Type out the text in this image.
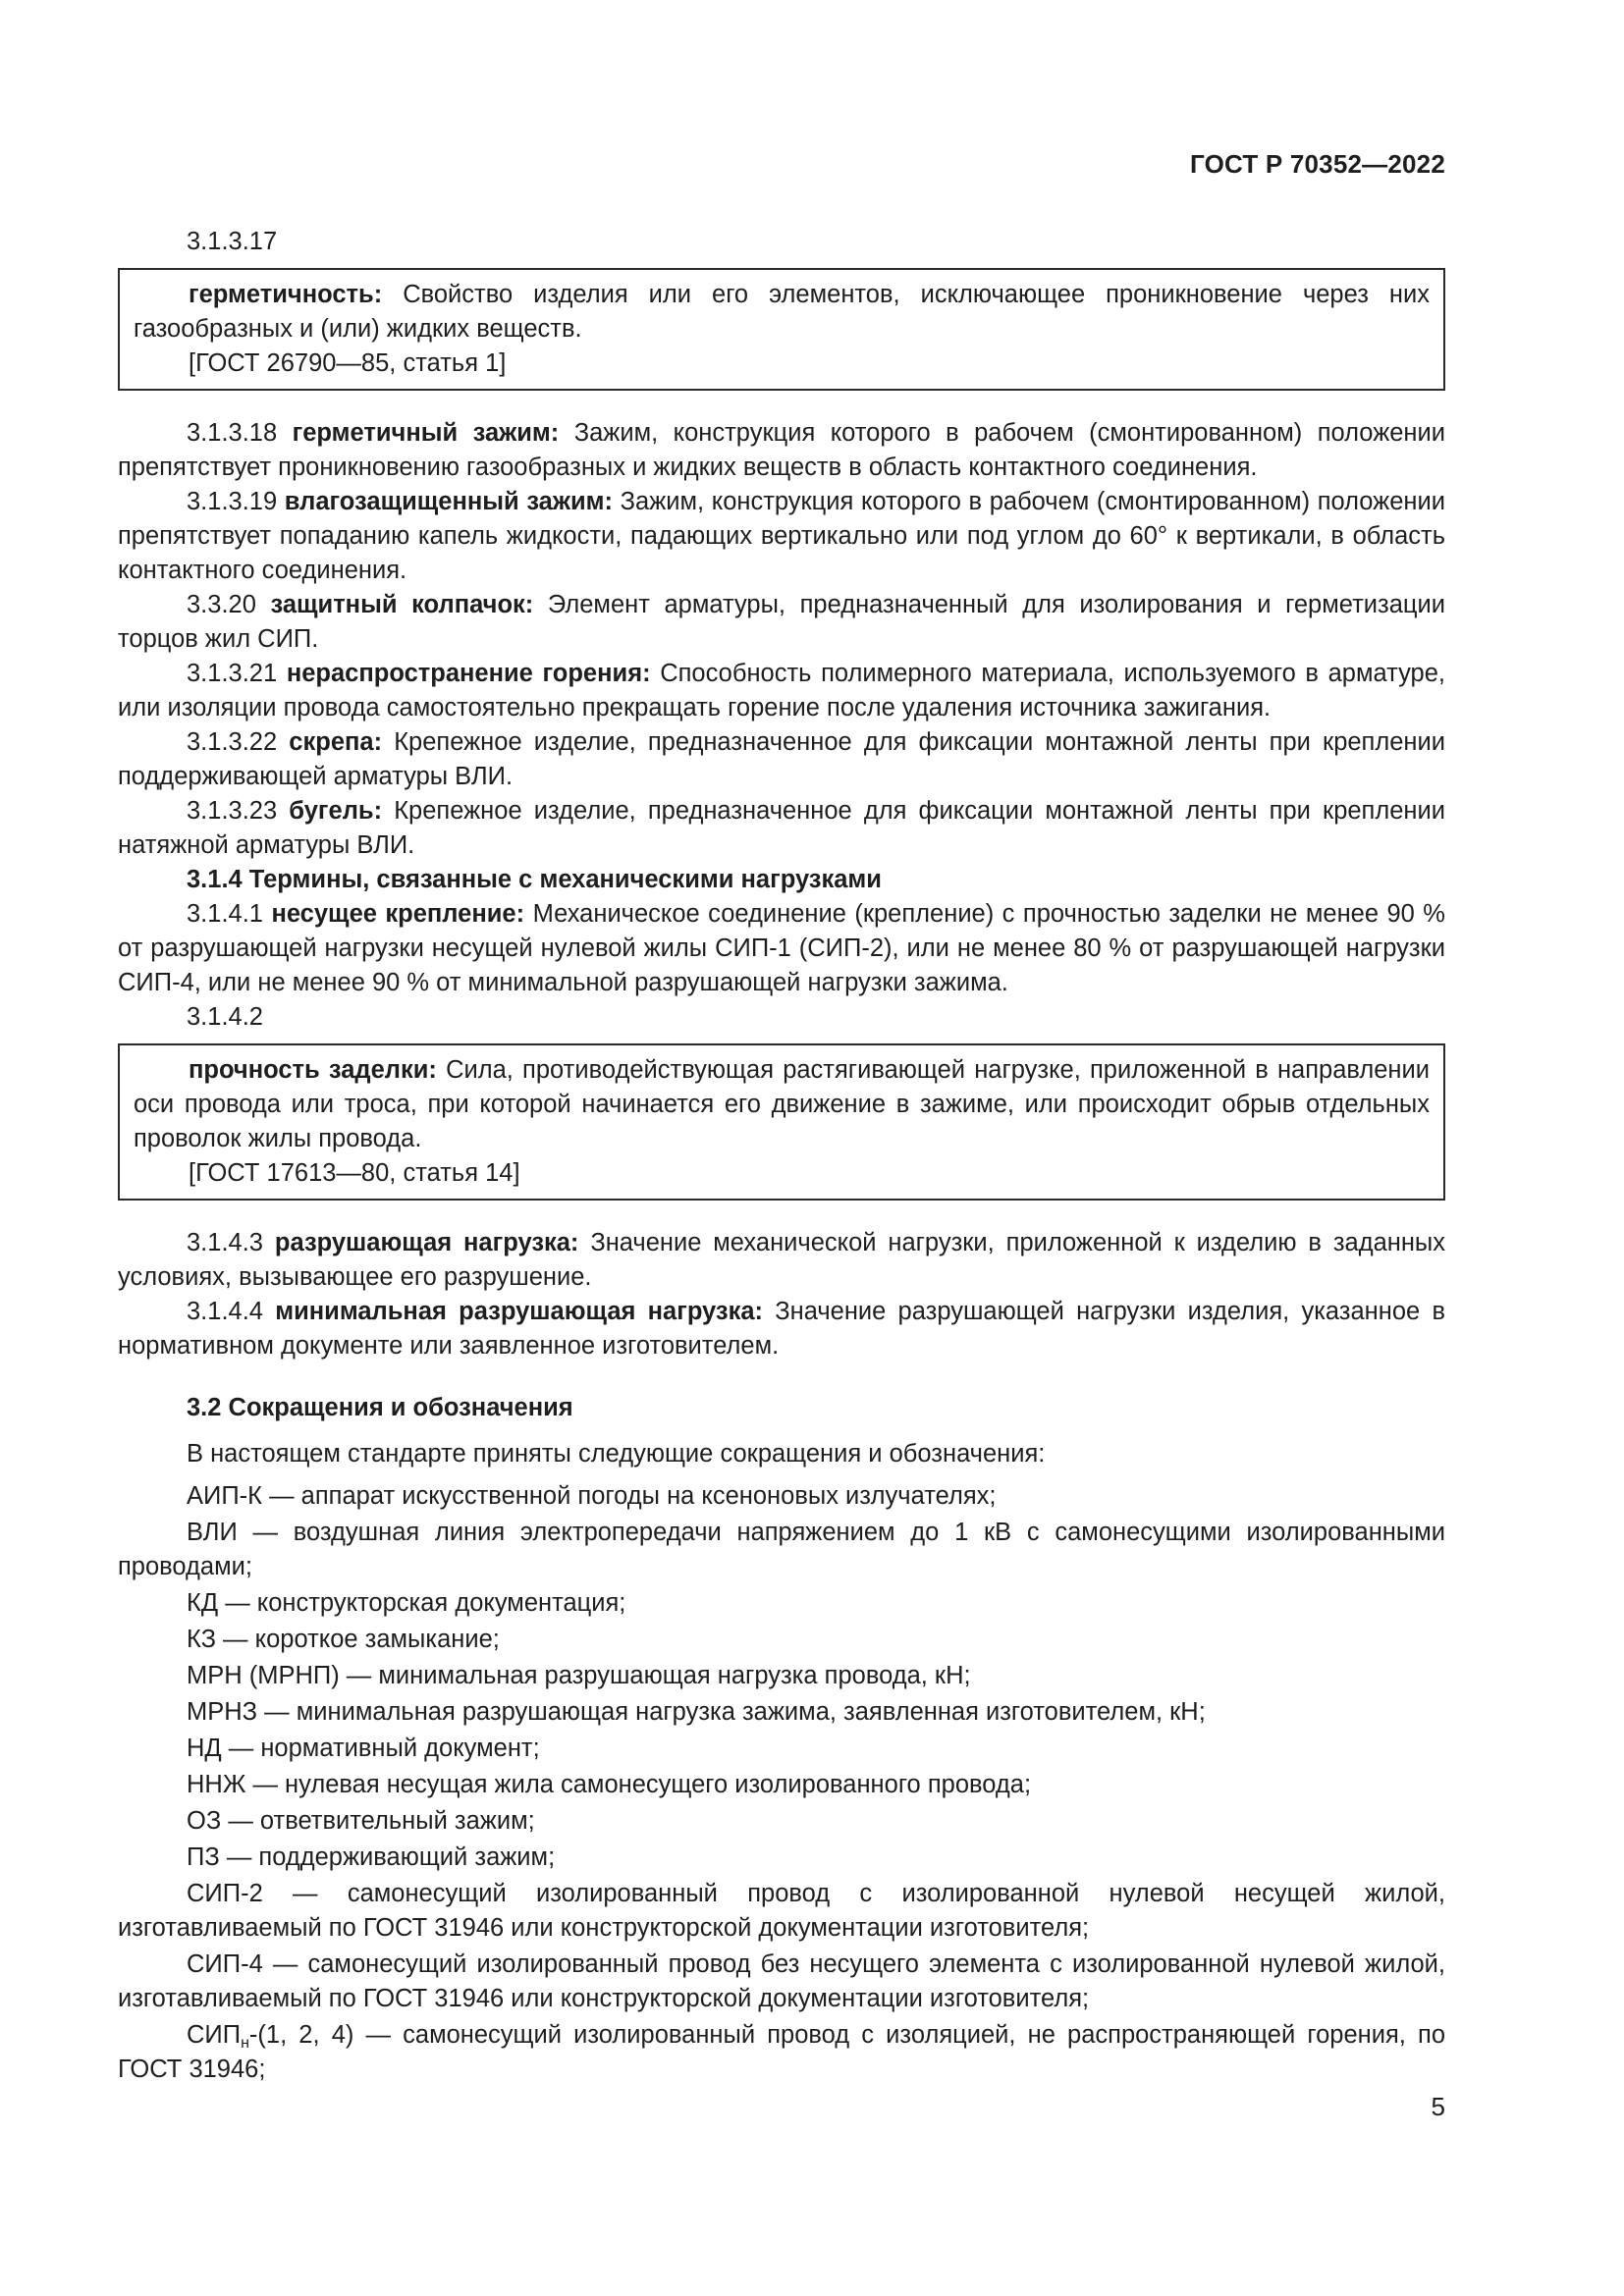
ГОСТ Р 70352—2022

3.1.3.17

герметичность: Свойство изделия или его элементов, исключающее проникновение через них газообразных и (или) жидких веществ.

[ГОСТ 26790—85, статья 1]

3.1.3.18 герметичный зажим: Зажим, конструкция которого в рабочем (смонтированном) положении препятствует проникновению газообразных и жидких веществ в область контактного соединения.

3.1.3.19 влагозащищенный зажим: Зажим, конструкция которого в рабочем (смонтированном) положении препятствует попаданию капель жидкости, падающих вертикально или под углом до 60° к вертикали, в область контактного соединения.

3.3.20 защитный колпачок: Элемент арматуры, предназначенный для изолирования и герметизации торцов жил СИП.

3.1.3.21 нераспространение горения: Способность полимерного материала, используемого в арматуре, или изоляции провода самостоятельно прекращать горение после удаления источника зажигания.

3.1.3.22 скрепа: Крепежное изделие, предназначенное для фиксации монтажной ленты при креплении поддерживающей арматуры ВЛИ.

3.1.3.23 бугель: Крепежное изделие, предназначенное для фиксации монтажной ленты при креплении натяжной арматуры ВЛИ.

3.1.4 Термины, связанные с механическими нагрузками

3.1.4.1 несущее крепление: Механическое соединение (крепление) с прочностью заделки не менее 90 % от разрушающей нагрузки несущей нулевой жилы СИП-1 (СИП-2), или не менее 80 % от разрушающей нагрузки СИП-4, или не менее 90 % от минимальной разрушающей нагрузки зажима.

3.1.4.2

прочность заделки: Сила, противодействующая растягивающей нагрузке, приложенной в направлении оси провода или троса, при которой начинается его движение в зажиме, или происходит обрыв отдельных проволок жилы провода.

[ГОСТ 17613—80, статья 14]

3.1.4.3 разрушающая нагрузка: Значение механической нагрузки, приложенной к изделию в заданных условиях, вызывающее его разрушение.

3.1.4.4 минимальная разрушающая нагрузка: Значение разрушающей нагрузки изделия, указанное в нормативном документе или заявленное изготовителем.

3.2 Сокращения и обозначения

В настоящем стандарте приняты следующие сокращения и обозначения:

АИП-К — аппарат искусственной погоды на ксеноновых излучателях;

ВЛИ — воздушная линия электропередачи напряжением до 1 кВ с самонесущими изолированными проводами;

КД — конструкторская документация;

КЗ — короткое замыкание;

МРН (МРНП) — минимальная разрушающая нагрузка провода, кН;

МРНЗ — минимальная разрушающая нагрузка зажима, заявленная изготовителем, кН;

НД — нормативный документ;

ННЖ — нулевая несущая жила самонесущего изолированного провода;

ОЗ — ответвительный зажим;

ПЗ — поддерживающий зажим;

СИП-2 — самонесущий изолированный провод с изолированной нулевой несущей жилой, изготавливаемый по ГОСТ 31946 или конструкторской документации изготовителя;

СИП-4 — самонесущий изолированный провод без несущего элемента с изолированной нулевой жилой, изготавливаемый по ГОСТ 31946 или конструкторской документации изготовителя;

$СИП_н-(1$, 2, 4) — самонесущий изолированный провод с изоляцией, не распространяющей горения, по ГОСТ 31946;

5
